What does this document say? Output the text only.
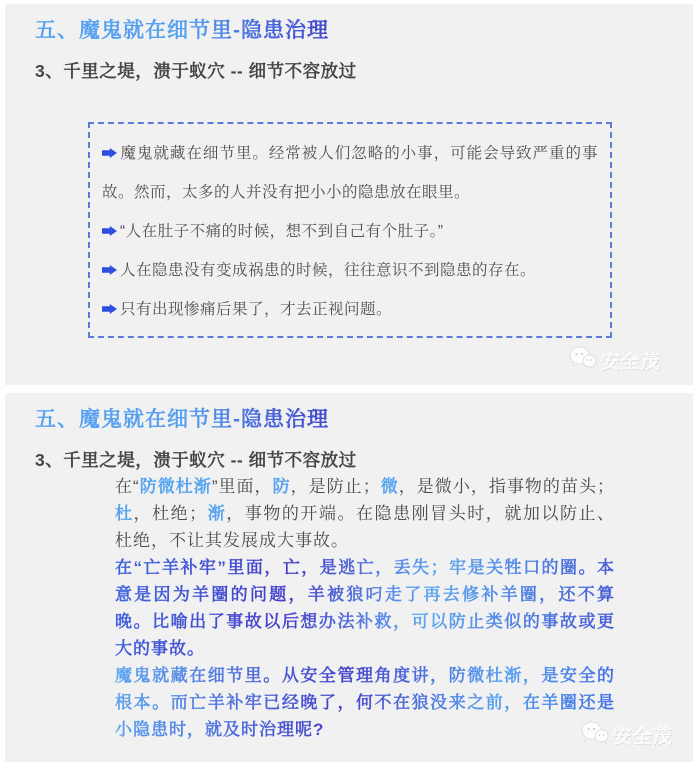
五、魔鬼就在细节里-隐患治理
3、千里之堤，溃于蚁穴 -- 细节不容放过
魔鬼就藏在细节里。经常被人们忽略的小事，可能会导致严重的事故。然而，太多的人并没有把小小的隐患放在眼里。
“人在肚子不痛的时候，想不到自己有个肚子。”
人在隐患没有变成祸患的时候，往往意识不到隐患的存在。
只有出现惨痛后果了，才去正视问题。
安全茂
五、魔鬼就在细节里-隐患治理
3、千里之堤，溃于蚁穴 -- 细节不容放过

在“防微杜渐”里面，防，是防止；微，是微小，指事物的苗头；杜，杜绝；渐，事物的开端。在隐患刚冒头时，就加以防止、杜绝，不让其发展成大事故。

在“亡羊补牢”里面，亡，是逃亡，丢失；牢是关牲口的圈。本意是因为羊圈的问题，羊被狼叼走了再去修补羊圈，还不算晚。比喻出了事故以后想办法补救，可以防止类似的事故或更大的事故。

魔鬼就藏在细节里。从安全管理角度讲，防微杜渐，是安全的根本。而亡羊补牢已经晚了，何不在狼没来之前，在羊圈还是小隐患时，就及时治理呢?	安全茂
